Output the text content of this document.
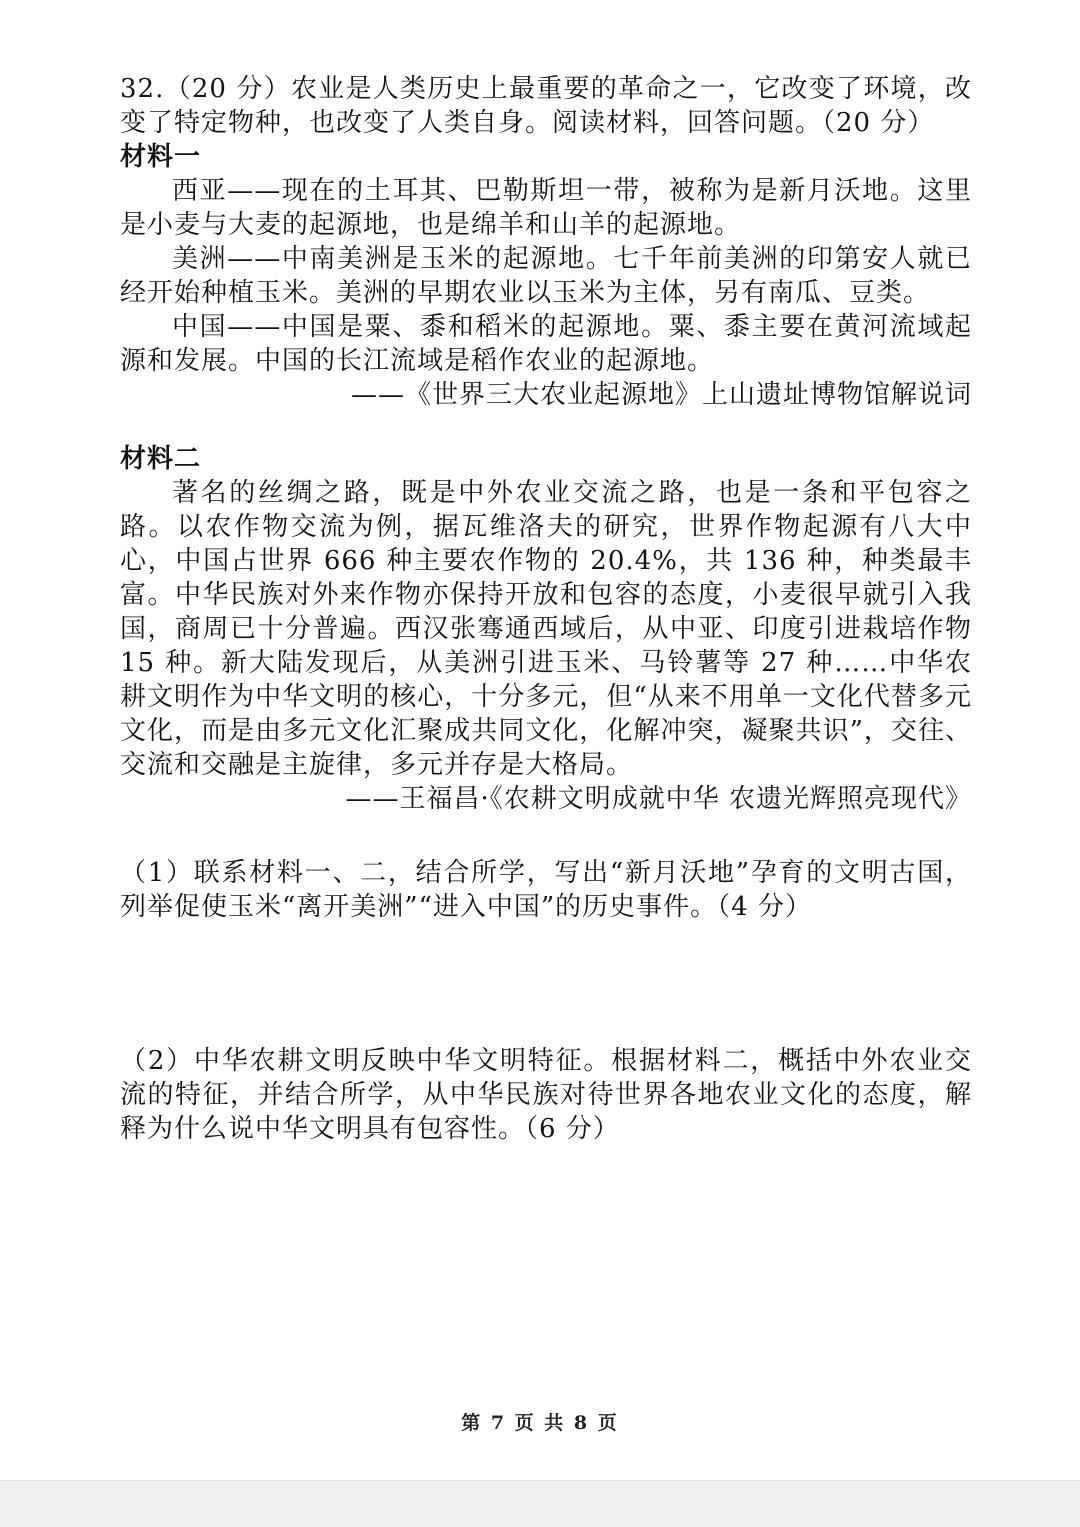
32.（20 分）农业是人类历史上最重要的革命之一，它改变了环境，改变了特定物种，也改变了人类自身。阅读材料，回答问题。（20 分）

材料一

西亚——现在的土耳其、巴勒斯坦一带，被称为是新月沃地。这里是小麦与大麦的起源地，也是绵羊和山羊的起源地。

美洲——中南美洲是玉米的起源地。七千年前美洲的印第安人就已经开始种植玉米。美洲的早期农业以玉米为主体，另有南瓜、豆类。

中国——中国是粟、黍和稻米的起源地。粟、黍主要在黄河流域起源和发展。中国的长江流域是稻作农业的起源地。

——《世界三大农业起源地》上山遗址博物馆解说词

材料二

著名的丝绸之路，既是中外农业交流之路，也是一条和平包容之路。以农作物交流为例，据瓦维洛夫的研究，世界作物起源有八大中心，中国占世界 666 种主要农作物的 20.4%，共 136 种，种类最丰富。中华民族对外来作物亦保持开放和包容的态度，小麦很早就引入我国，商周已十分普遍。西汉张骞通西域后，从中亚、印度引进栽培作物 15 种。新大陆发现后，从美洲引进玉米、马铃薯等 27 种……中华农耕文明作为中华文明的核心，十分多元，但“从来不用单一文化代替多元文化，而是由多元文化汇聚成共同文化，化解冲突，凝聚共识”，交往、交流和交融是主旋律，多元并存是大格局。

——王福昌·《农耕文明成就中华 农遗光辉照亮现代》

（1）联系材料一、二，结合所学，写出“新月沃地”孕育的文明古国，列举促使玉米“离开美洲”“进入中国”的历史事件。（4 分）

（2）中华农耕文明反映中华文明特征。根据材料二，概括中外农业交流的特征，并结合所学，从中华民族对待世界各地农业文化的态度，解释为什么说中华文明具有包容性。（6 分）

第 7 页 共 8 页
